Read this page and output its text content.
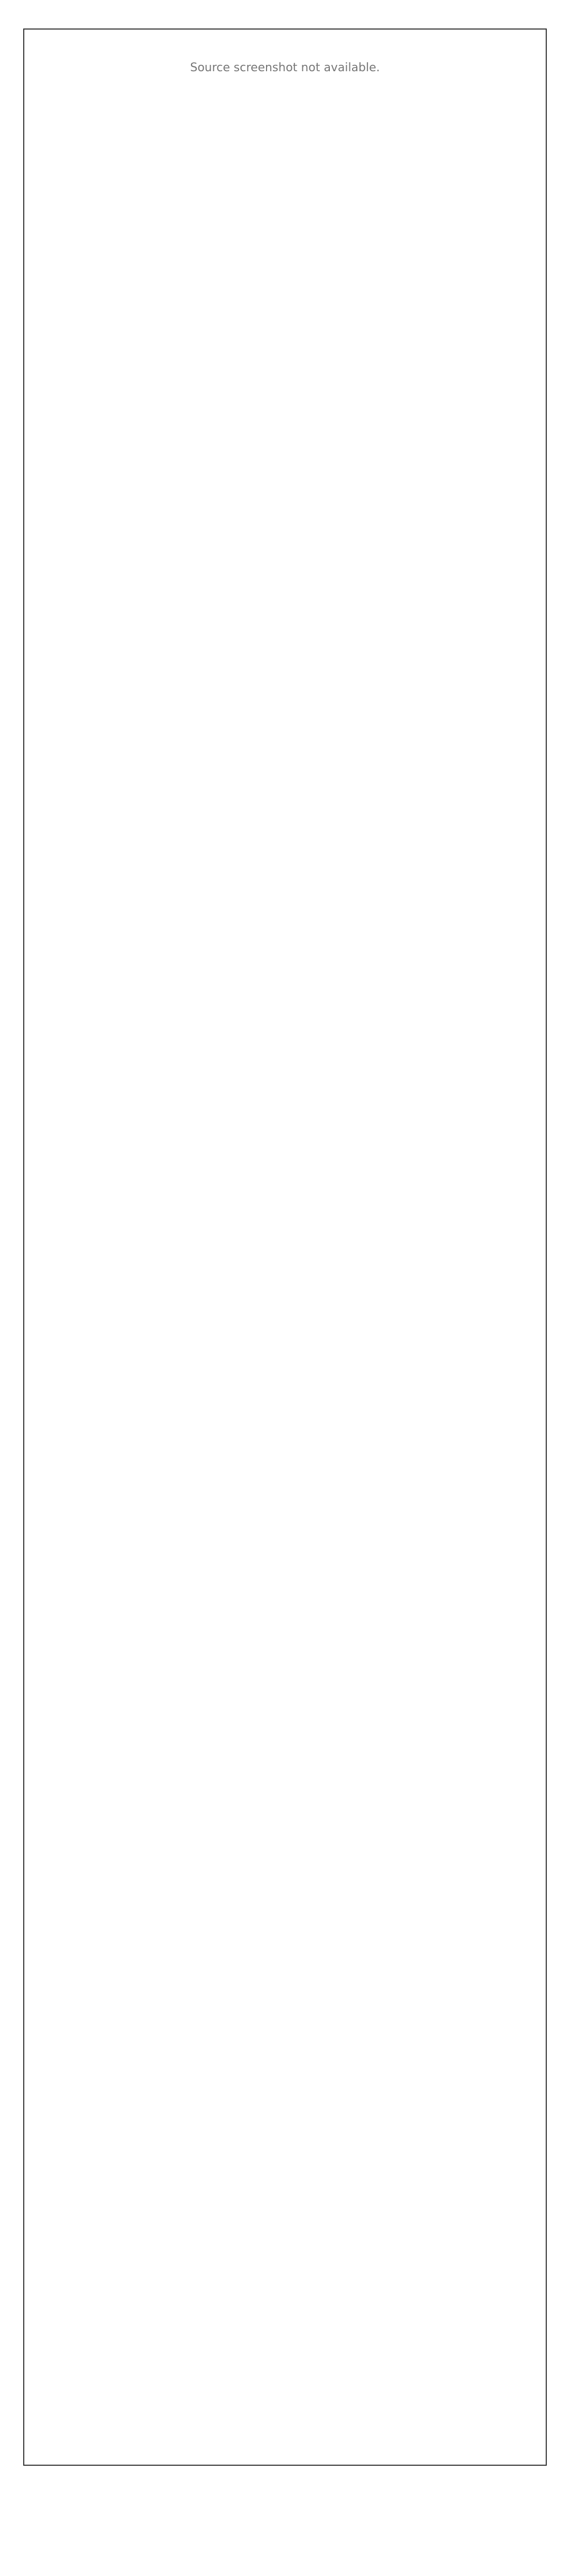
Source screenshot not available.
